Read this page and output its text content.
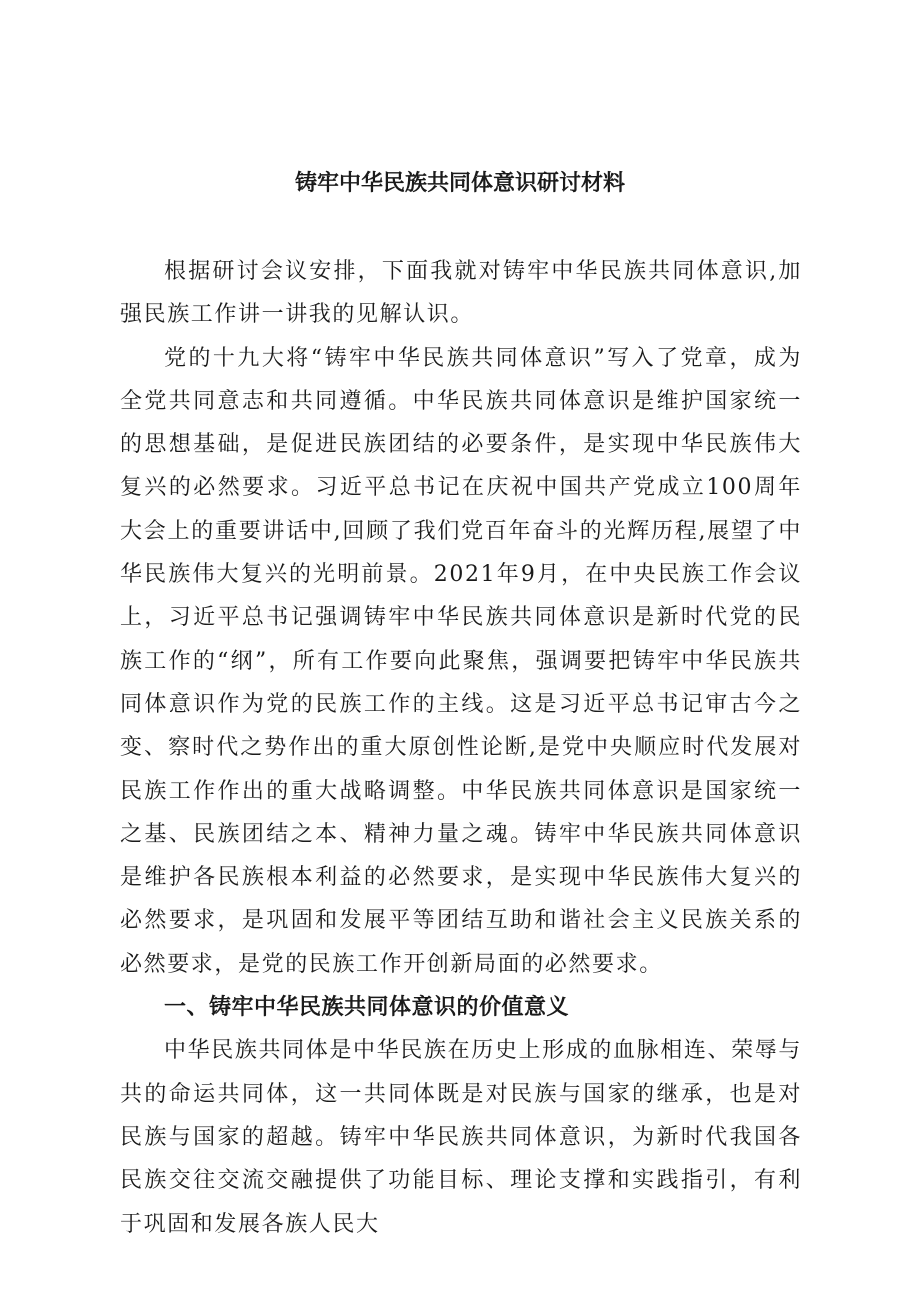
铸牢中华民族共同体意识研讨材料

根据研讨会议安排，下面我就对铸牢中华民族共同体意识,加强民族工作讲一讲我的见解认识。

党的十九大将“铸牢中华民族共同体意识”写入了党章，成为全党共同意志和共同遵循。中华民族共同体意识是维护国家统一的思想基础，是促进民族团结的必要条件，是实现中华民族伟大复兴的必然要求。习近平总书记在庆祝中国共产党成立100周年大会上的重要讲话中,回顾了我们党百年奋斗的光辉历程,展望了中华民族伟大复兴的光明前景。2021年9月，在中央民族工作会议上，习近平总书记强调铸牢中华民族共同体意识是新时代党的民族工作的“纲”，所有工作要向此聚焦，强调要把铸牢中华民族共同体意识作为党的民族工作的主线。这是习近平总书记审古今之变、察时代之势作出的重大原创性论断,是党中央顺应时代发展对民族工作作出的重大战略调整。中华民族共同体意识是国家统一之基、民族团结之本、精神力量之魂。铸牢中华民族共同体意识是维护各民族根本利益的必然要求，是实现中华民族伟大复兴的必然要求，是巩固和发展平等团结互助和谐社会主义民族关系的必然要求，是党的民族工作开创新局面的必然要求。

一、铸牢中华民族共同体意识的价值意义

中华民族共同体是中华民族在历史上形成的血脉相连、荣辱与共的命运共同体，这一共同体既是对民族与国家的继承，也是对民族与国家的超越。铸牢中华民族共同体意识，为新时代我国各民族交往交流交融提供了功能目标、理论支撑和实践指引，有利于巩固和发展各族人民大
